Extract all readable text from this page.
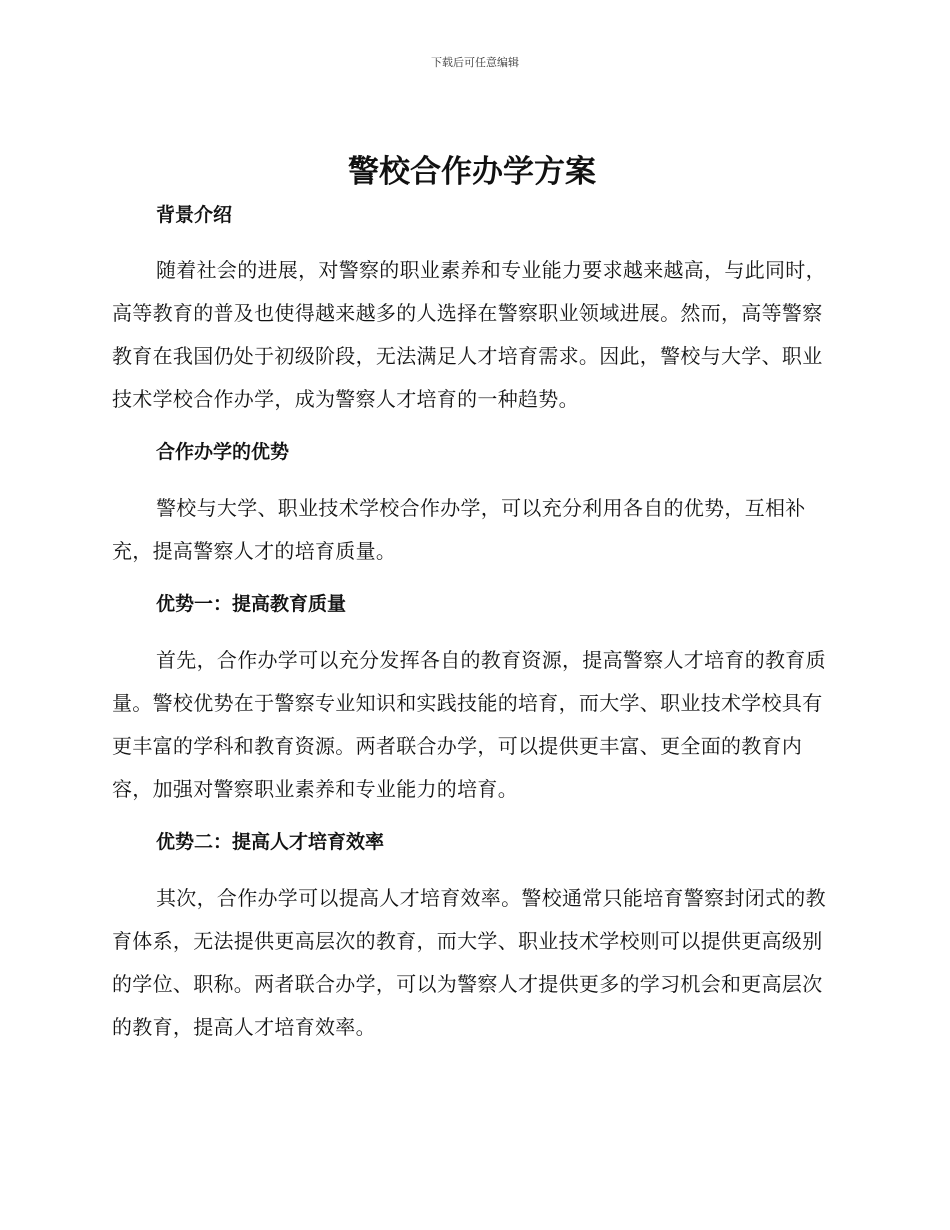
下载后可任意编辑
警校合作办学方案
背景介绍

随着社会的进展，对警察的职业素养和专业能力要求越来越高，与此同时，高等教育的普及也使得越来越多的人选择在警察职业领域进展。然而，高等警察教育在我国仍处于初级阶段，无法满足人才培育需求。因此，警校与大学、职业技术学校合作办学，成为警察人才培育的一种趋势。

合作办学的优势

警校与大学、职业技术学校合作办学，可以充分利用各自的优势，互相补充，提高警察人才的培育质量。

优势一：提高教育质量

首先，合作办学可以充分发挥各自的教育资源，提高警察人才培育的教育质量。警校优势在于警察专业知识和实践技能的培育，而大学、职业技术学校具有更丰富的学科和教育资源。两者联合办学，可以提供更丰富、更全面的教育内容，加强对警察职业素养和专业能力的培育。

优势二：提高人才培育效率

其次，合作办学可以提高人才培育效率。警校通常只能培育警察封闭式的教育体系，无法提供更高层次的教育，而大学、职业技术学校则可以提供更高级别的学位、职称。两者联合办学，可以为警察人才提供更多的学习机会和更高层次的教育，提高人才培育效率。
